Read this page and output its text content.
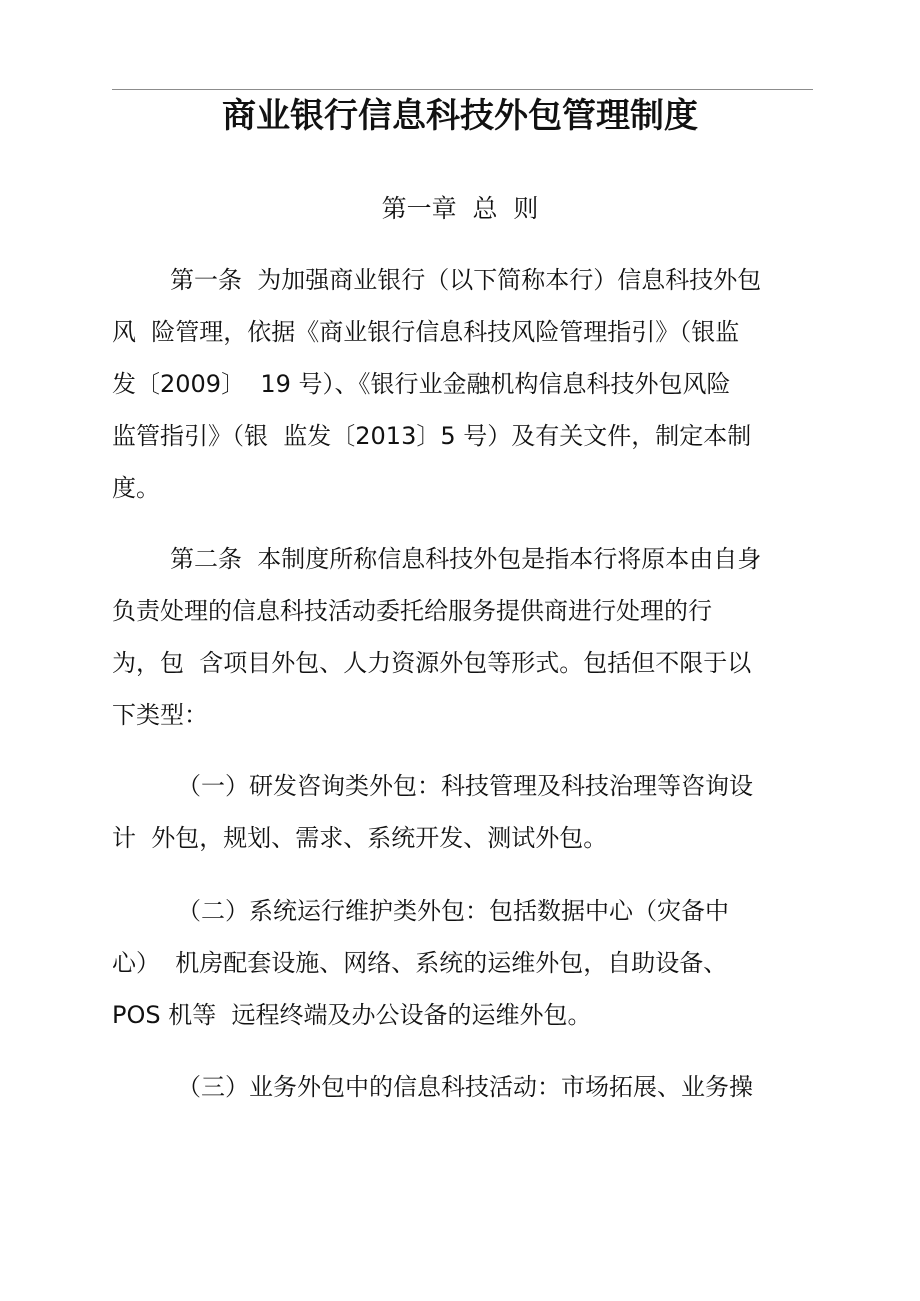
商业银行信息科技外包管理制度
第一章  总  则
第一条  为加强商业银行（以下简称本行）信息科技外包
风  险管理，依据《商业银行信息科技风险管理指引》（银监
发〔2009〕  19 号）、《银行业金融机构信息科技外包风险
监管指引》（银  监发〔2013〕5 号）及有关文件，制定本制
度。
第二条  本制度所称信息科技外包是指本行将原本由自身
负责处理的信息科技活动委托给服务提供商进行处理的行
为，包  含项目外包、人力资源外包等形式。包括但不限于以
下类型：
（一）研发咨询类外包：科技管理及科技治理等咨询设
计  外包，规划、需求、系统开发、测试外包。
（二）系统运行维护类外包：包括数据中心（灾备中
心）  机房配套设施、网络、系统的运维外包，自助设备、
POS 机等  远程终端及办公设备的运维外包。
（三）业务外包中的信息科技活动：市场拓展、业务操
